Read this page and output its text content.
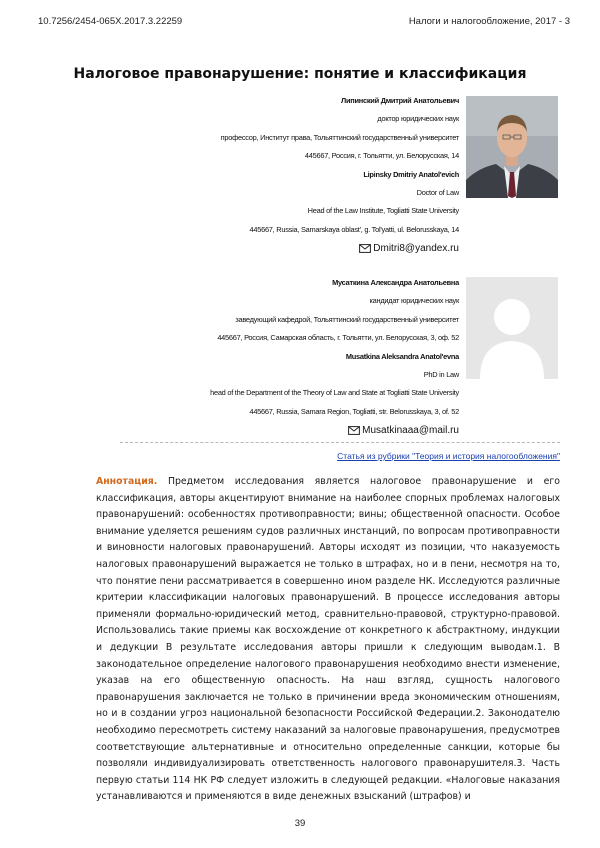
10.7256/2454-065X.2017.3.22259	Налоги и налогообложение, 2017 - 3
Налоговое правонарушение: понятие и классификация
Липинский Дмитрий Анатольевич
доктор юридических наук
профессор, Институт права, Тольяттинский государственный университет
445667, Россия, г. Тольятти, ул. Белорусская, 14
Lipinsky Dmitriy Anatol'evich
Doctor of Law
Head of the Law Institute, Togliatti State University
445667, Russia, Samarskaya oblast', g. Tol'yatti, ul. Belorusskaya, 14
Dmitri8@yandex.ru
Мусаткина Александра Анатольевна
кандидат юридических наук
заведующий кафедрой, Тольяттинский государственный университет
445667, Россия, Самарская область, г. Тольятти, ул. Белорусская, 3, оф. 52
Musatkina Aleksandra Anatol'evna
PhD in Law
head of the Department of the Theory of Law and State at Togliatti State University
445667, Russia, Samara Region, Togliatti, str. Belorusskaya, 3, of. 52
Musatkinaaa@mail.ru
Статья из рубрики "Теория и история налогообложения"

Аннотация. Предметом исследования является налоговое правонарушение и его классификация, авторы акцентируют внимание на наиболее спорных проблемах налоговых правонарушений: особенностях противоправности; вины; общественной опасности. Особое внимание уделяется решениям судов различных инстанций, по вопросам противоправности и виновности налоговых правонарушений. Авторы исходят из позиции, что наказуемость налоговых правонарушений выражается не только в штрафах, но и в пени, несмотря на то, что понятие пени рассматривается в совершенно ином разделе НК. Исследуются различные критерии классификации налоговых правонарушений. В процессе исследования авторы применяли формально-юридический метод, сравнительно-правовой, структурно-правовой. Использовались такие приемы как восхождение от конкретного к абстрактному, индукции и дедукции В результате исследования авторы пришли к следующим выводам.1. В законодательное определение налогового правонарушения необходимо внести изменение, указав на его общественную опасность. На наш взгляд, сущность налогового правонарушения заключается не только в причинении вреда экономическим отношениям, но и в создании угроз национальной безопасности Российской Федерации.2. Законодателю необходимо пересмотреть систему наказаний за налоговые правонарушения, предусмотрев соответствующие альтернативные и относительно определенные санкции, которые бы позволяли индивидуализировать ответственность налогового правонарушителя.3. Часть первую статьи 114 НК РФ следует изложить в следующей редакции. «Налоговые наказания устанавливаются и применяются в виде денежных взысканий (штрафов) и

39
